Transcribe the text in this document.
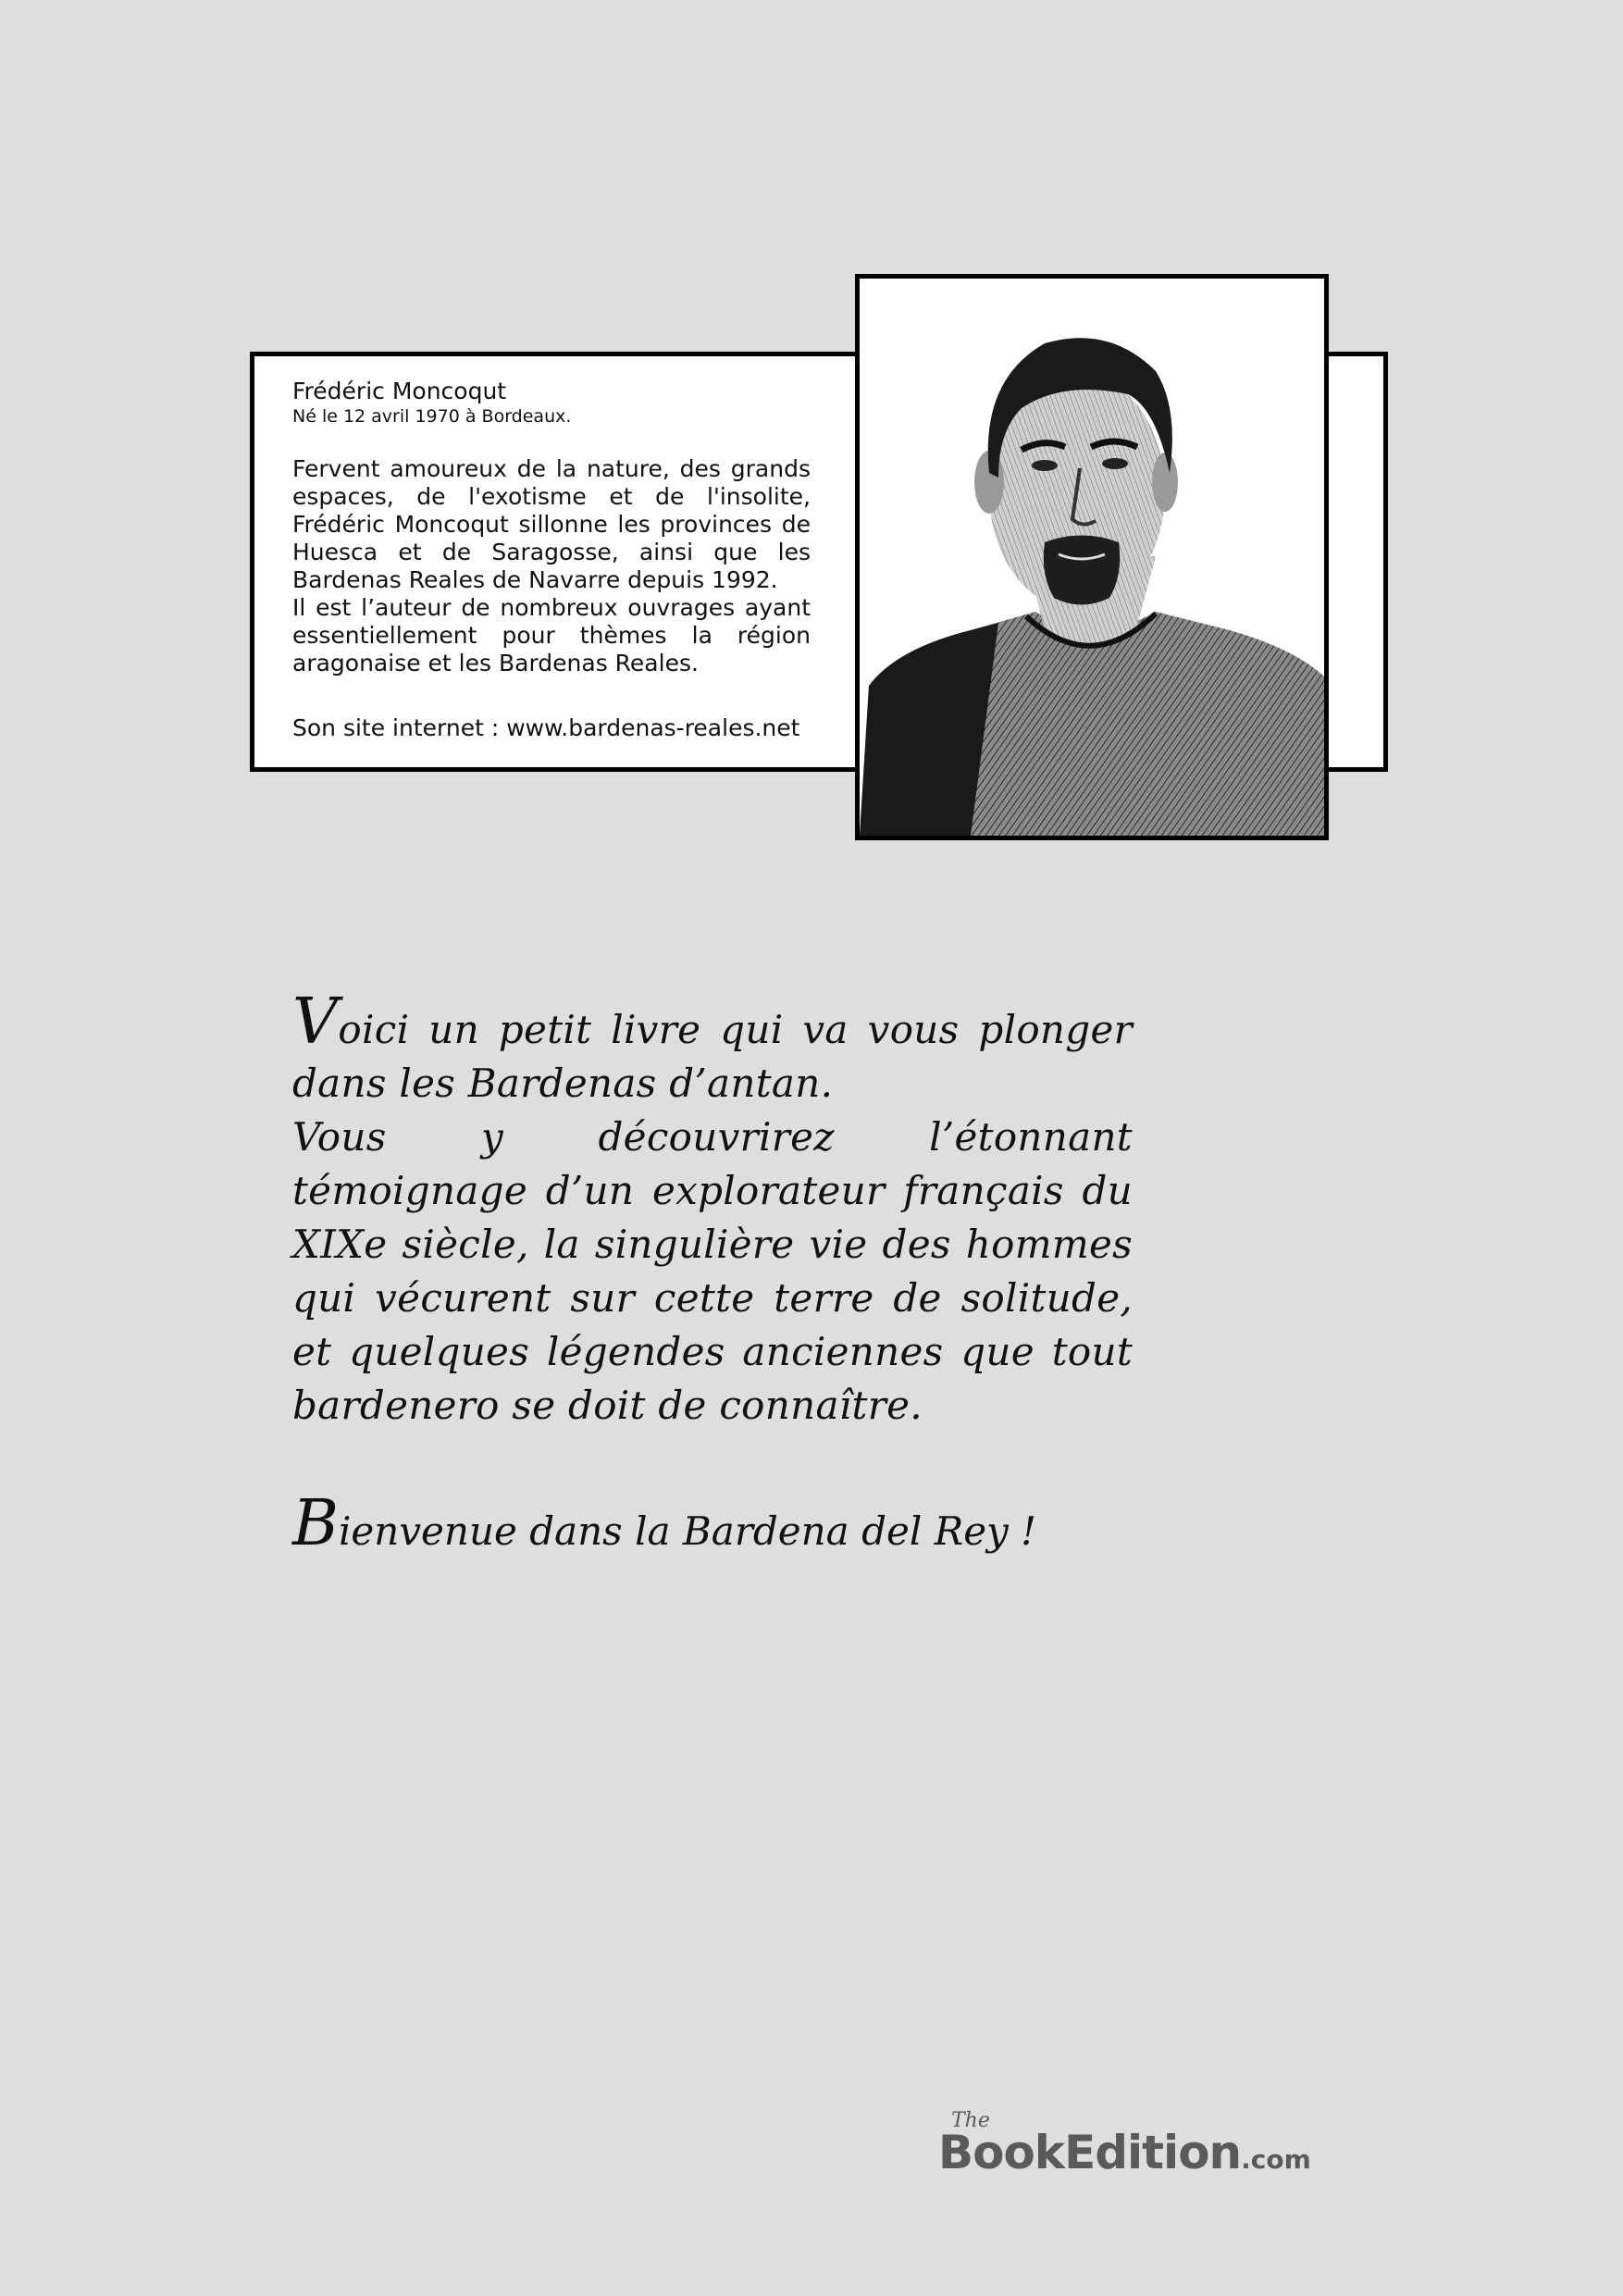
Frédéric Moncoqut
Né le 12 avril 1970 à Bordeaux.

Fervent amoureux de la nature, des grands espaces, de l'exotisme et de l'insolite, Frédéric Moncoqut sillonne les provinces de Huesca et de Saragosse, ainsi que les Bardenas Reales de Navarre depuis 1992.

Il est l’auteur de nombreux ouvrages ayant essentiellement pour thèmes la région aragonaise et les Bardenas Reales.

Son site internet : www.bardenas-reales.net

Voici un petit livre qui va vous plonger dans les Bardenas d’antan.

Vous y découvrirez l’étonnant témoignage d’un explorateur français du XIXe siècle, la singulière vie des hommes qui vécurent sur cette terre de solitude, et quelques légendes anciennes que tout bardenero se doit de connaître.

Bienvenue dans la Bardena del Rey !
The
BookEdition.com
